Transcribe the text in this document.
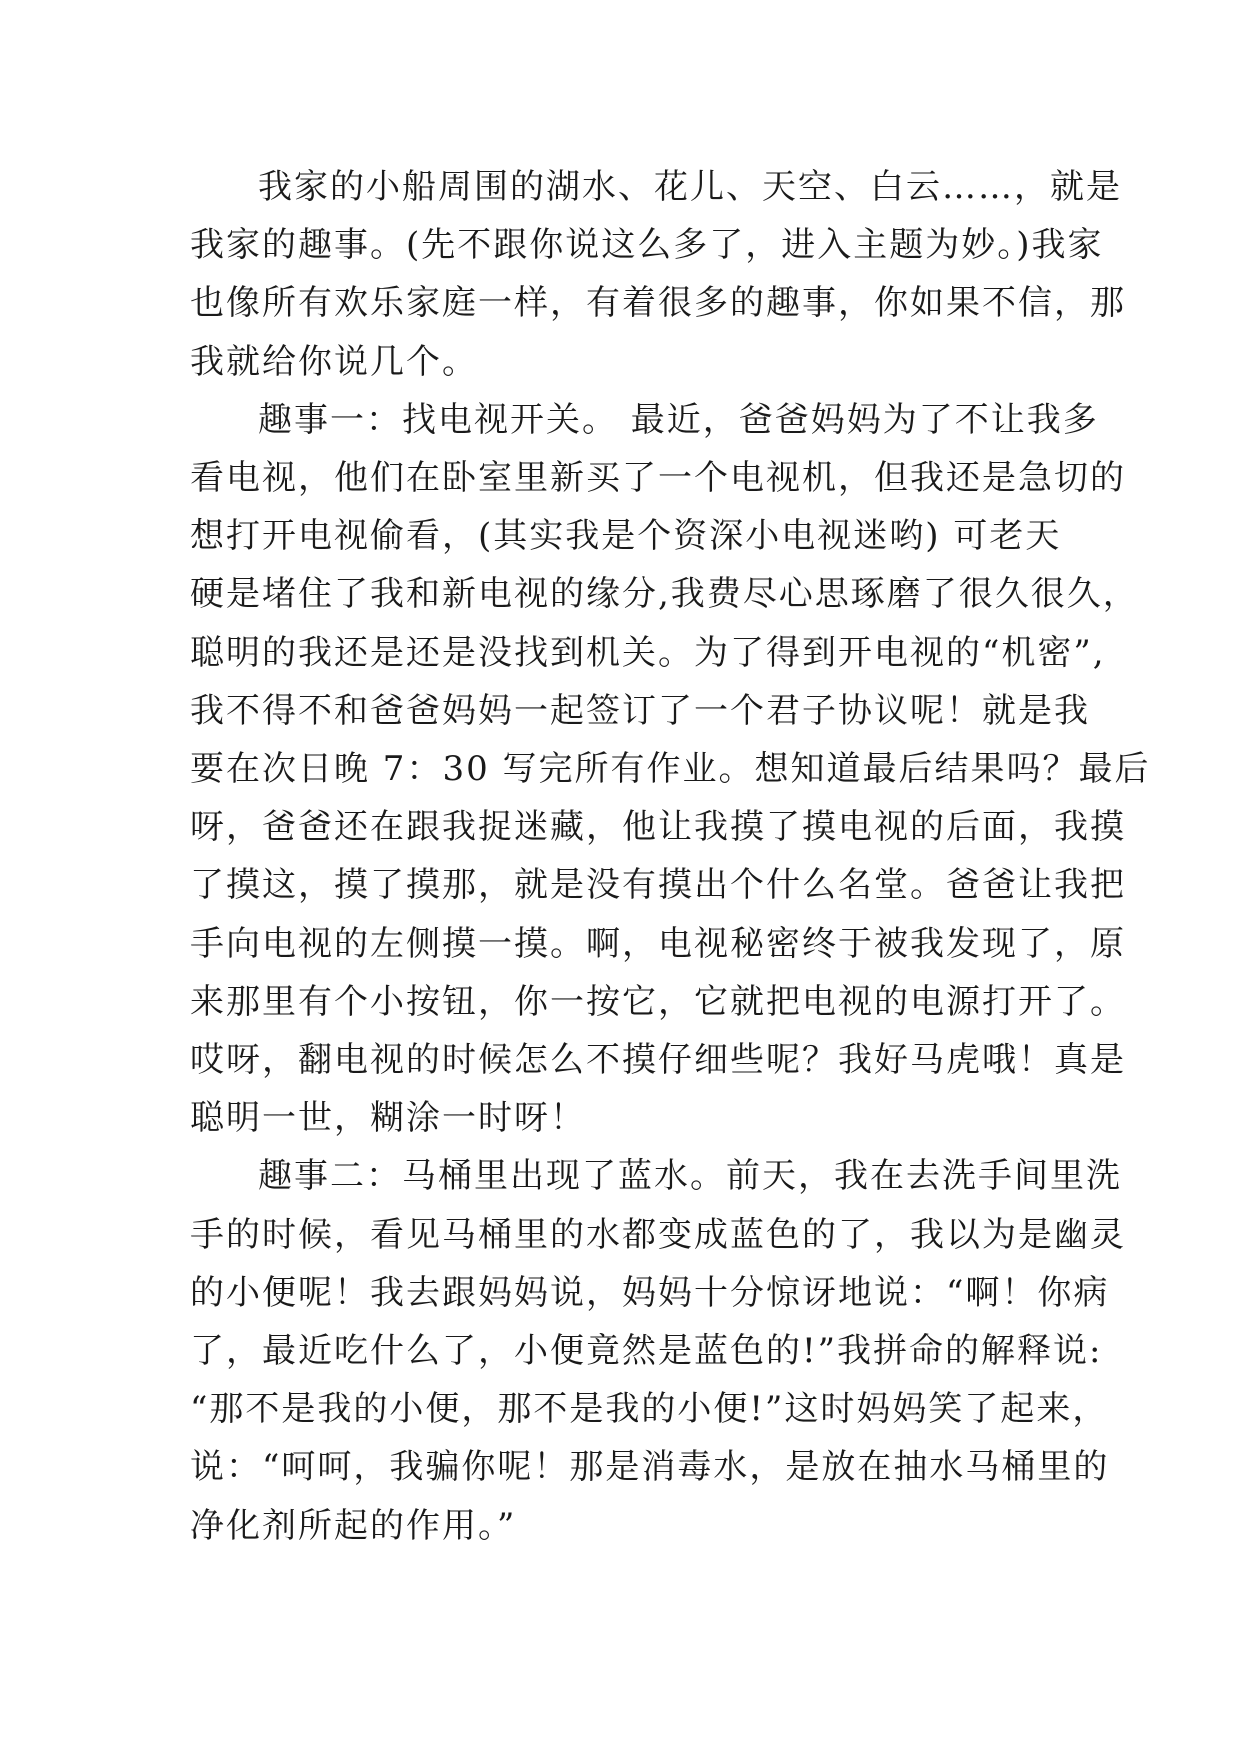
我家的小船周围的湖水、花儿、天空、白云……，就是
我家的趣事。(先不跟你说这么多了，进入主题为妙。)我家
也像所有欢乐家庭一样，有着很多的趣事，你如果不信，那
我就给你说几个。

趣事一：找电视开关。 最近，爸爸妈妈为了不让我多
看电视，他们在卧室里新买了一个电视机，但我还是急切的
想打开电视偷看，(其实我是个资深小电视迷哟) 可老天
硬是堵住了我和新电视的缘分,我费尽心思琢磨了很久很久，
聪明的我还是还是没找到机关。为了得到开电视的“机密”,
我不得不和爸爸妈妈一起签订了一个君子协议呢！就是我
要在次日晚 7：30 写完所有作业。想知道最后结果吗？最后
呀，爸爸还在跟我捉迷藏，他让我摸了摸电视的后面，我摸
了摸这，摸了摸那，就是没有摸出个什么名堂。爸爸让我把
手向电视的左侧摸一摸。啊，电视秘密终于被我发现了，原
来那里有个小按钮，你一按它，它就把电视的电源打开了。
哎呀，翻电视的时候怎么不摸仔细些呢？我好马虎哦！真是
聪明一世，糊涂一时呀！

趣事二：马桶里出现了蓝水。前天，我在去洗手间里洗
手的时候，看见马桶里的水都变成蓝色的了，我以为是幽灵
的小便呢！我去跟妈妈说，妈妈十分惊讶地说：“啊！你病
了，最近吃什么了，小便竟然是蓝色的!”我拼命的解释说:
“那不是我的小便，那不是我的小便!”这时妈妈笑了起来，
说：“呵呵，我骗你呢！那是消毒水，是放在抽水马桶里的
净化剂所起的作用。”
